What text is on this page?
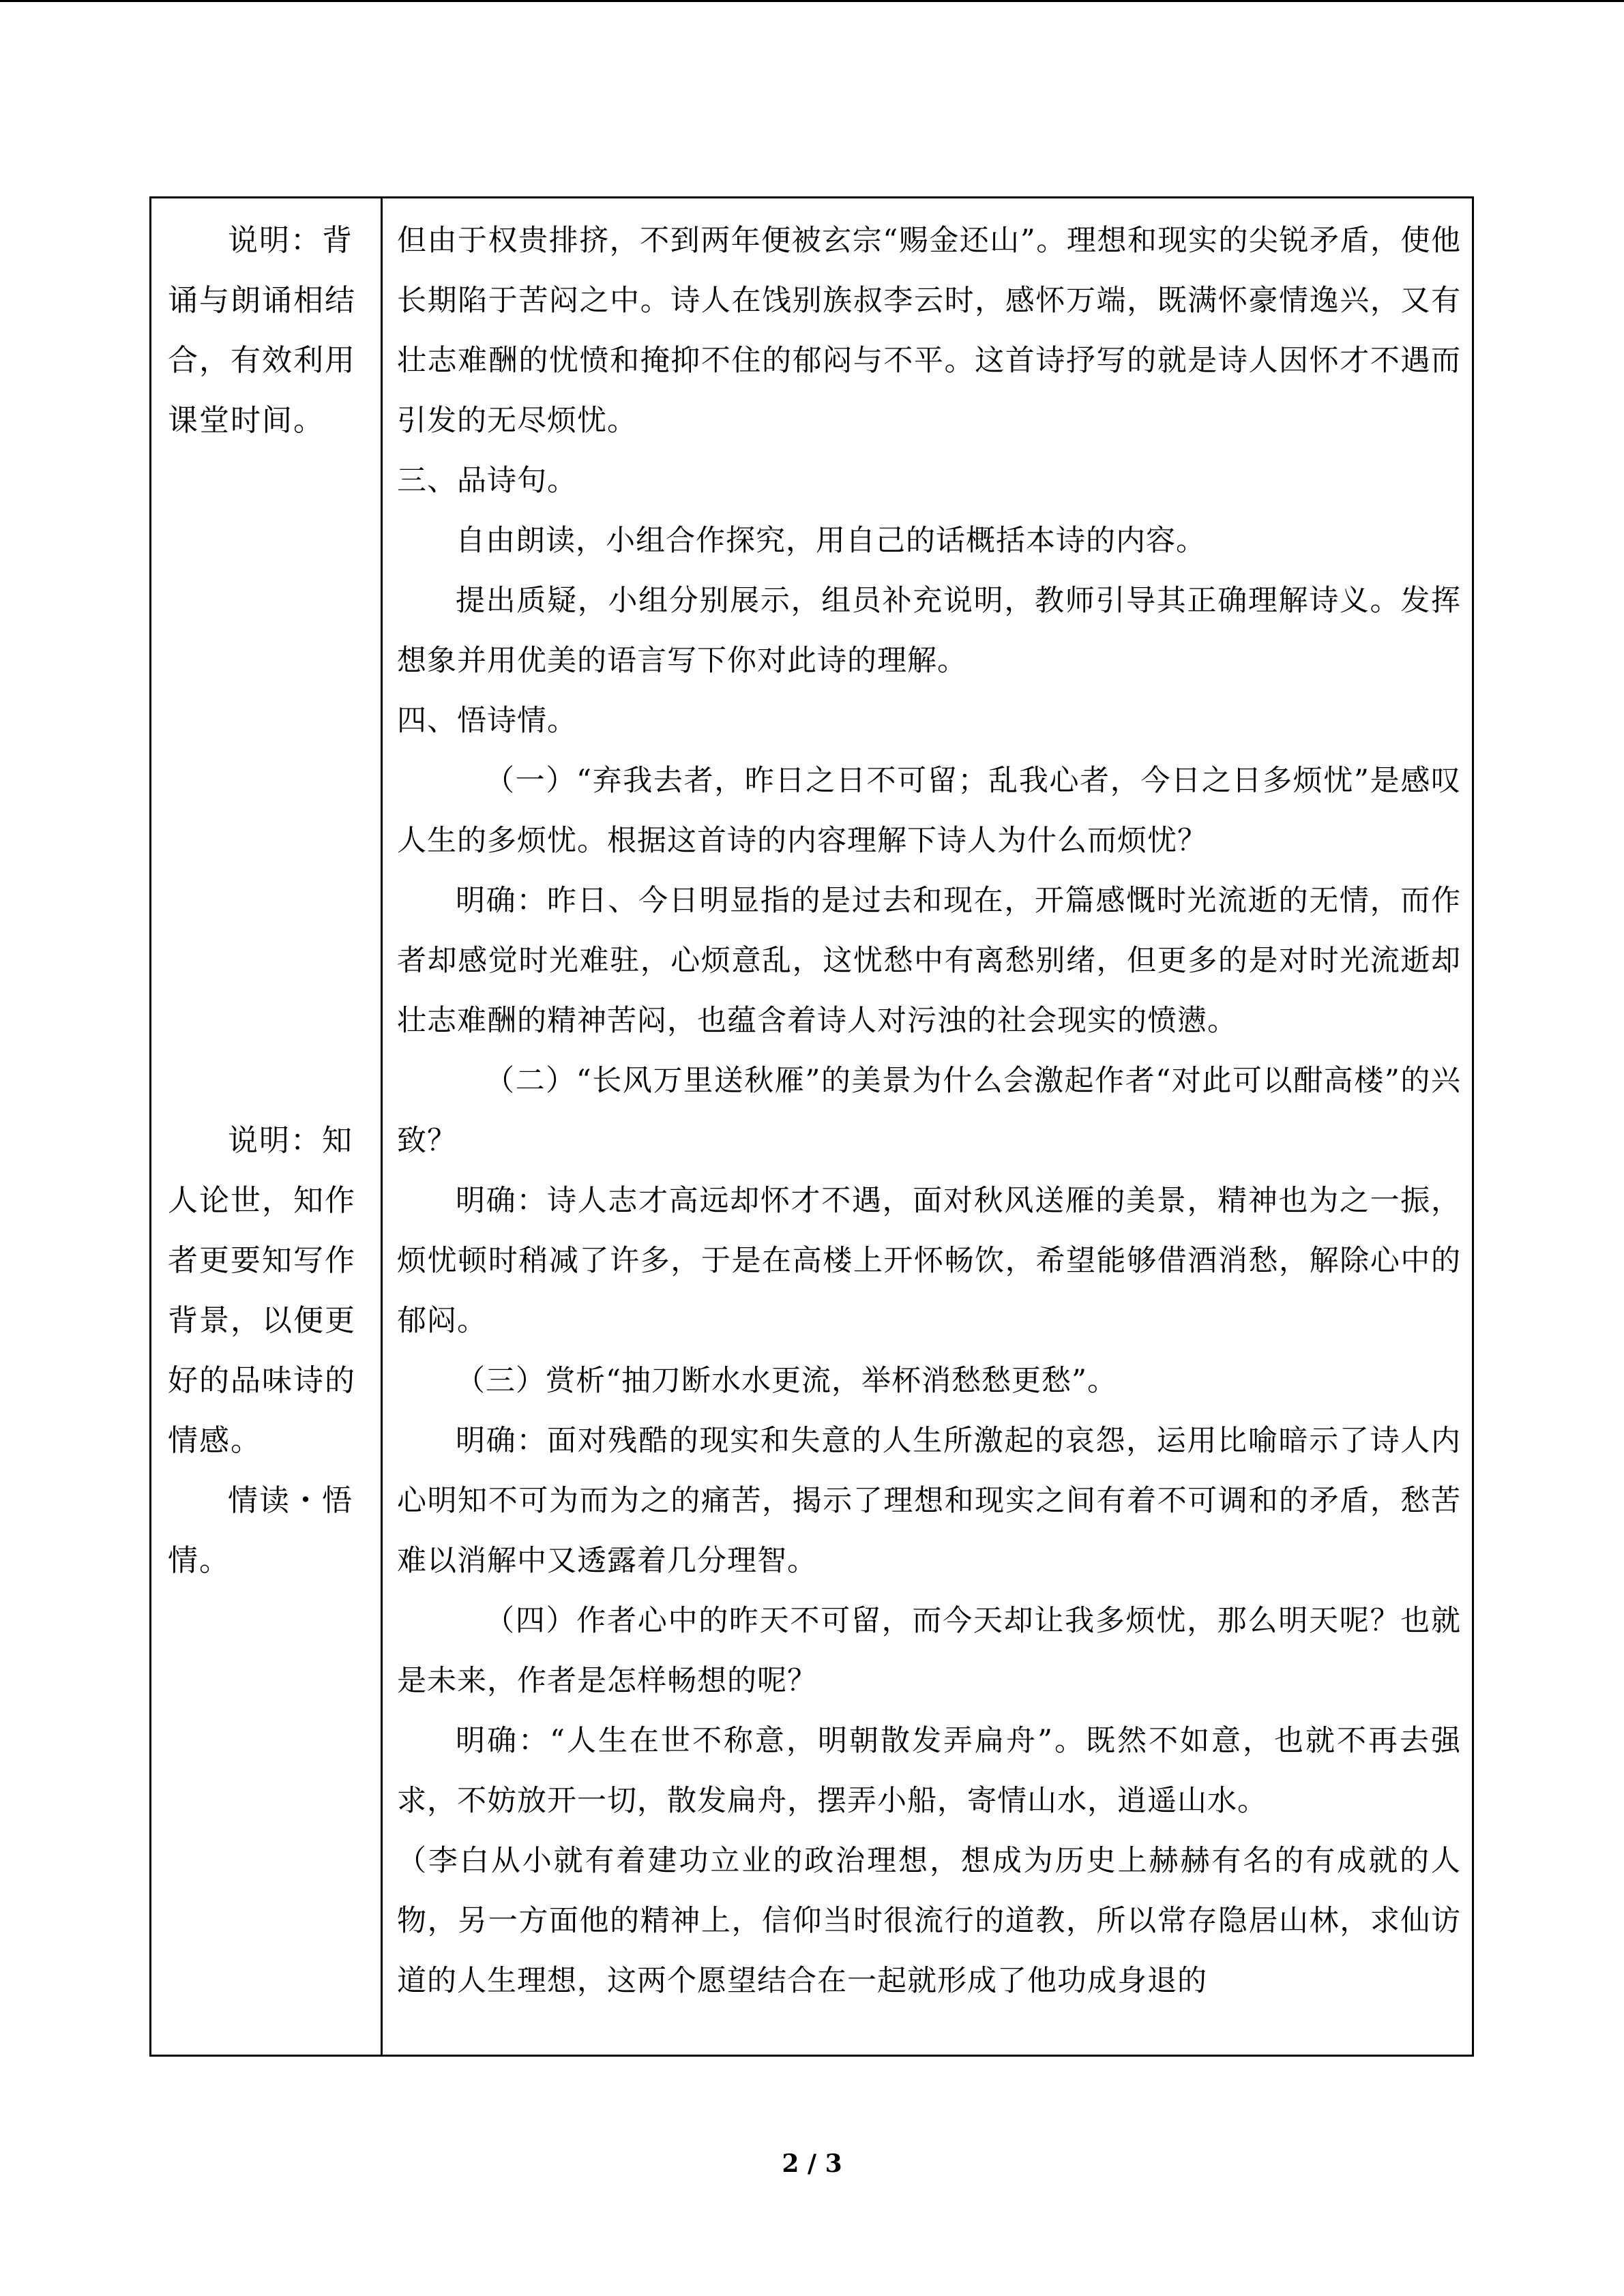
说明：背诵与朗诵相结合，有效利用课堂时间。

说明：知人论世，知作者更要知写作背景，以便更好的品味诗的情感。

情读・悟情。

但由于权贵排挤，不到两年便被玄宗“赐金还山”。理想和现实的尖锐矛盾，使他长期陷于苦闷之中。诗人在饯别族叔李云时，感怀万端，既满怀豪情逸兴，又有壮志难酬的忧愤和掩抑不住的郁闷与不平。这首诗抒写的就是诗人因怀才不遇而引发的无尽烦忧。

三、品诗句。

自由朗读，小组合作探究，用自己的话概括本诗的内容。

提出质疑，小组分别展示，组员补充说明，教师引导其正确理解诗义。发挥想象并用优美的语言写下你对此诗的理解。

四、悟诗情。

（一）“弃我去者，昨日之日不可留；乱我心者，今日之日多烦忧”是感叹人生的多烦忧。根据这首诗的内容理解下诗人为什么而烦忧？

明确：昨日、今日明显指的是过去和现在，开篇感慨时光流逝的无情，而作者却感觉时光难驻，心烦意乱，这忧愁中有离愁别绪，但更多的是对时光流逝却壮志难酬的精神苦闷，也蕴含着诗人对污浊的社会现实的愤懑。

（二）“长风万里送秋雁”的美景为什么会激起作者“对此可以酣高楼”的兴致？

明确：诗人志才高远却怀才不遇，面对秋风送雁的美景，精神也为之一振，烦忧顿时稍减了许多，于是在高楼上开怀畅饮，希望能够借酒消愁，解除心中的郁闷。

（三）赏析“抽刀断水水更流，举杯消愁愁更愁”。

明确：面对残酷的现实和失意的人生所激起的哀怨，运用比喻暗示了诗人内心明知不可为而为之的痛苦，揭示了理想和现实之间有着不可调和的矛盾，愁苦难以消解中又透露着几分理智。

（四）作者心中的昨天不可留，而今天却让我多烦忧，那么明天呢？也就是未来，作者是怎样畅想的呢？

明确：“人生在世不称意，明朝散发弄扁舟”。既然不如意，也就不再去强求，不妨放开一切，散发扁舟，摆弄小船，寄情山水，逍遥山水。

（李白从小就有着建功立业的政治理想，想成为历史上赫赫有名的有成就的人物，另一方面他的精神上，信仰当时很流行的道教，所以常存隐居山林，求仙访道的人生理想，这两个愿望结合在一起就形成了他功成身退的

2 / 3
